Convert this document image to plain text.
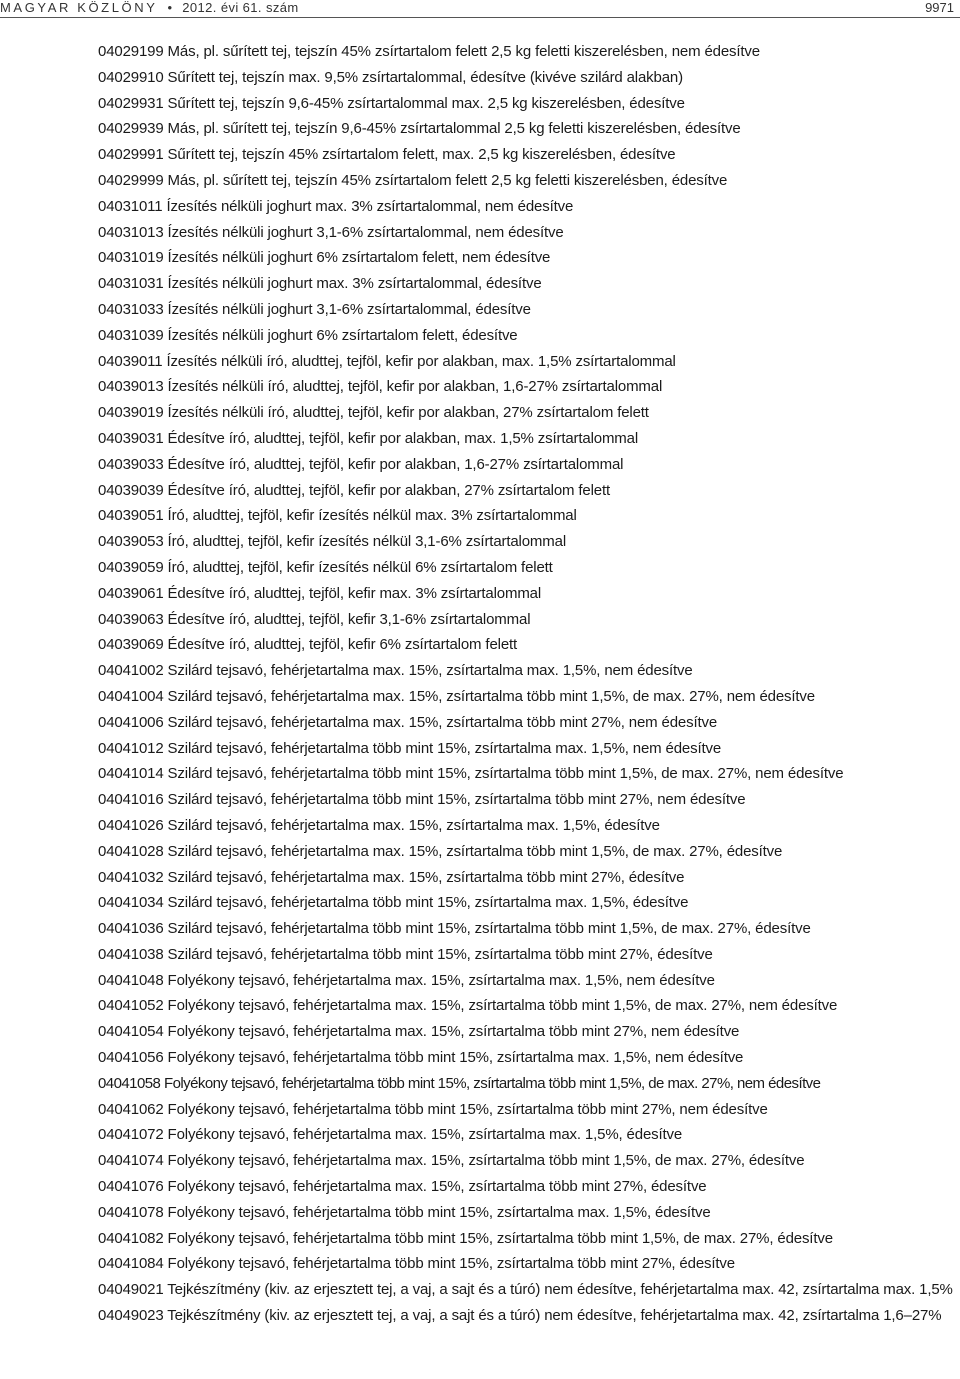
MAGYAR KÖZLÖNY • 2012. évi 61. szám	9971
04029199 Más, pl. sűrített tej, tejszín 45% zsírtartalom felett 2,5 kg feletti kiszerelésben, nem édesítve
04029910 Sűrített tej, tejszín max. 9,5% zsírtartalommal, édesítve (kivéve szilárd alakban)
04029931 Sűrített tej, tejszín 9,6-45% zsírtartalommal max. 2,5 kg kiszerelésben, édesítve
04029939 Más, pl. sűrített tej, tejszín 9,6-45% zsírtartalommal 2,5 kg feletti kiszerelésben, édesítve
04029991 Sűrített tej, tejszín 45% zsírtartalom felett, max. 2,5 kg kiszerelésben, édesítve
04029999 Más, pl. sűrített tej, tejszín 45% zsírtartalom felett 2,5 kg feletti kiszerelésben, édesítve
04031011 Ízesítés nélküli joghurt max. 3% zsírtartalommal, nem édesítve
04031013 Ízesítés nélküli joghurt 3,1-6% zsírtartalommal, nem édesítve
04031019 Ízesítés nélküli joghurt 6% zsírtartalom felett, nem édesítve
04031031 Ízesítés nélküli joghurt max. 3% zsírtartalommal, édesítve
04031033 Ízesítés nélküli joghurt 3,1-6% zsírtartalommal, édesítve
04031039 Ízesítés nélküli joghurt 6% zsírtartalom felett, édesítve
04039011 Ízesítés nélküli író, aludttej, tejföl, kefir por alakban, max. 1,5% zsírtartalommal
04039013 Ízesítés nélküli író, aludttej, tejföl, kefir por alakban, 1,6-27% zsírtartalommal
04039019 Ízesítés nélküli író, aludttej, tejföl, kefir por alakban, 27% zsírtartalom felett
04039031 Édesítve író, aludttej, tejföl, kefir por alakban, max. 1,5% zsírtartalommal
04039033 Édesítve író, aludttej, tejföl, kefir por alakban, 1,6-27% zsírtartalommal
04039039 Édesítve író, aludttej, tejföl, kefir por alakban, 27% zsírtartalom felett
04039051 Író, aludttej, tejföl, kefir ízesítés nélkül max. 3% zsírtartalommal
04039053 Író, aludttej, tejföl, kefir ízesítés nélkül 3,1-6% zsírtartalommal
04039059 Író, aludttej, tejföl, kefir ízesítés nélkül 6% zsírtartalom felett
04039061 Édesítve író, aludttej, tejföl, kefir max. 3% zsírtartalommal
04039063 Édesítve író, aludttej, tejföl, kefir 3,1-6% zsírtartalommal
04039069 Édesítve író, aludttej, tejföl, kefir 6% zsírtartalom felett
04041002 Szilárd tejsavó, fehérjetartalma max. 15%, zsírtartalma max. 1,5%, nem édesítve
04041004 Szilárd tejsavó, fehérjetartalma max. 15%, zsírtartalma több mint 1,5%, de max. 27%, nem édesítve
04041006 Szilárd tejsavó, fehérjetartalma max. 15%, zsírtartalma több mint 27%, nem édesítve
04041012 Szilárd tejsavó, fehérjetartalma több mint 15%, zsírtartalma max. 1,5%, nem édesítve
04041014 Szilárd tejsavó, fehérjetartalma több mint 15%, zsírtartalma több mint 1,5%, de max. 27%, nem édesítve
04041016 Szilárd tejsavó, fehérjetartalma több mint 15%, zsírtartalma több mint 27%, nem édesítve
04041026 Szilárd tejsavó, fehérjetartalma max. 15%, zsírtartalma max. 1,5%, édesítve
04041028 Szilárd tejsavó, fehérjetartalma max. 15%, zsírtartalma több mint 1,5%, de max. 27%, édesítve
04041032 Szilárd tejsavó, fehérjetartalma max. 15%, zsírtartalma több mint 27%, édesítve
04041034 Szilárd tejsavó, fehérjetartalma több mint 15%, zsírtartalma max. 1,5%, édesítve
04041036 Szilárd tejsavó, fehérjetartalma több mint 15%, zsírtartalma több mint 1,5%, de max. 27%, édesítve
04041038 Szilárd tejsavó, fehérjetartalma több mint 15%, zsírtartalma több mint 27%, édesítve
04041048 Folyékony tejsavó, fehérjetartalma max. 15%, zsírtartalma max. 1,5%, nem édesítve
04041052 Folyékony tejsavó, fehérjetartalma max. 15%, zsírtartalma több mint 1,5%, de max. 27%, nem édesítve
04041054 Folyékony tejsavó, fehérjetartalma max. 15%, zsírtartalma több mint 27%, nem édesítve
04041056 Folyékony tejsavó, fehérjetartalma több mint 15%, zsírtartalma max. 1,5%, nem édesítve
04041058 Folyékony tejsavó, fehérjetartalma több mint 15%, zsírtartalma több mint 1,5%, de max. 27%, nem édesítve
04041062 Folyékony tejsavó, fehérjetartalma több mint 15%, zsírtartalma több mint 27%, nem édesítve
04041072 Folyékony tejsavó, fehérjetartalma max. 15%, zsírtartalma max. 1,5%, édesítve
04041074 Folyékony tejsavó, fehérjetartalma max. 15%, zsírtartalma több mint 1,5%, de max. 27%, édesítve
04041076 Folyékony tejsavó, fehérjetartalma max. 15%, zsírtartalma több mint 27%, édesítve
04041078 Folyékony tejsavó, fehérjetartalma több mint 15%, zsírtartalma max. 1,5%, édesítve
04041082 Folyékony tejsavó, fehérjetartalma több mint 15%, zsírtartalma több mint 1,5%, de max. 27%, édesítve
04041084 Folyékony tejsavó, fehérjetartalma több mint 15%, zsírtartalma több mint 27%, édesítve
04049021 Tejkészítmény (kiv. az erjesztett tej, a vaj, a sajt és a túró) nem édesítve, fehérjetartalma max. 42, zsírtartalma max. 1,5%
04049023 Tejkészítmény (kiv. az erjesztett tej, a vaj, a sajt és a túró) nem édesítve, fehérjetartalma max. 42, zsírtartalma 1,6–27%
